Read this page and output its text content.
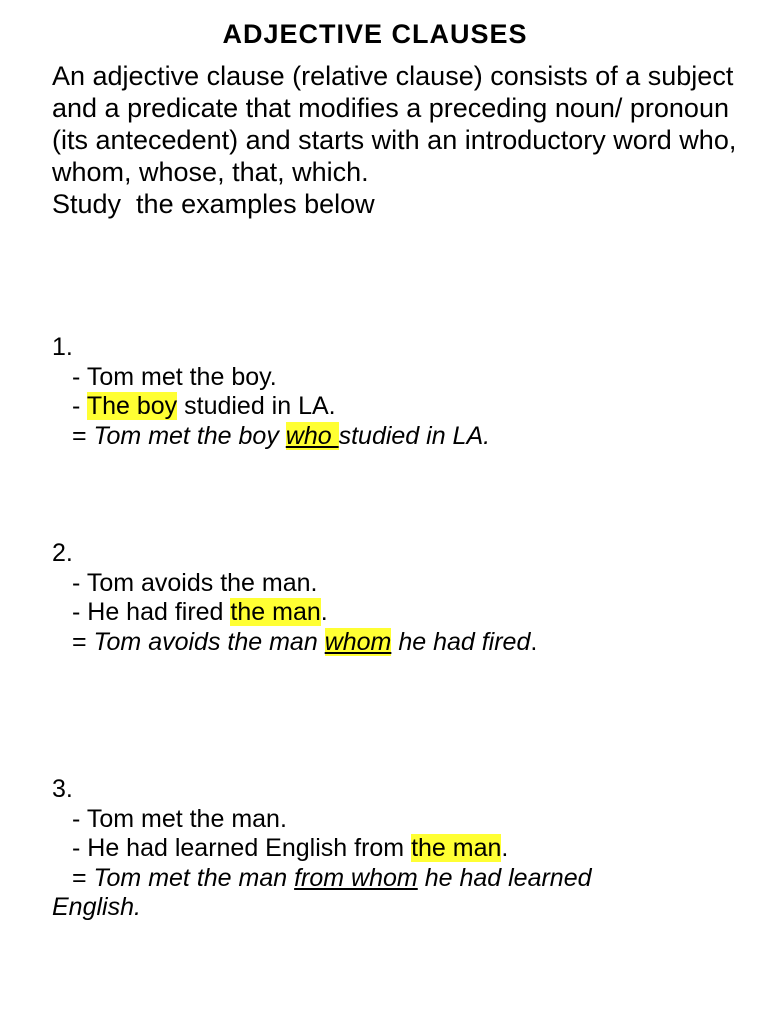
ADJECTIVE CLAUSES

An adjective clause (relative clause) consists of a subject and a predicate that modifies a preceding noun/ pronoun (its antecedent) and starts with an introductory word who, whom, whose, that, which.

Study  the examples below

1.
- Tom met the boy.
- The boy studied in LA.
= Tom met the boy who studied in LA.
2.
- Tom avoids the man.
- He had fired the man.
= Tom avoids the man whom he had fired.
3.
- Tom met the man.
- He had learned English from the man.
= Tom met the man from whom he had learned English.
